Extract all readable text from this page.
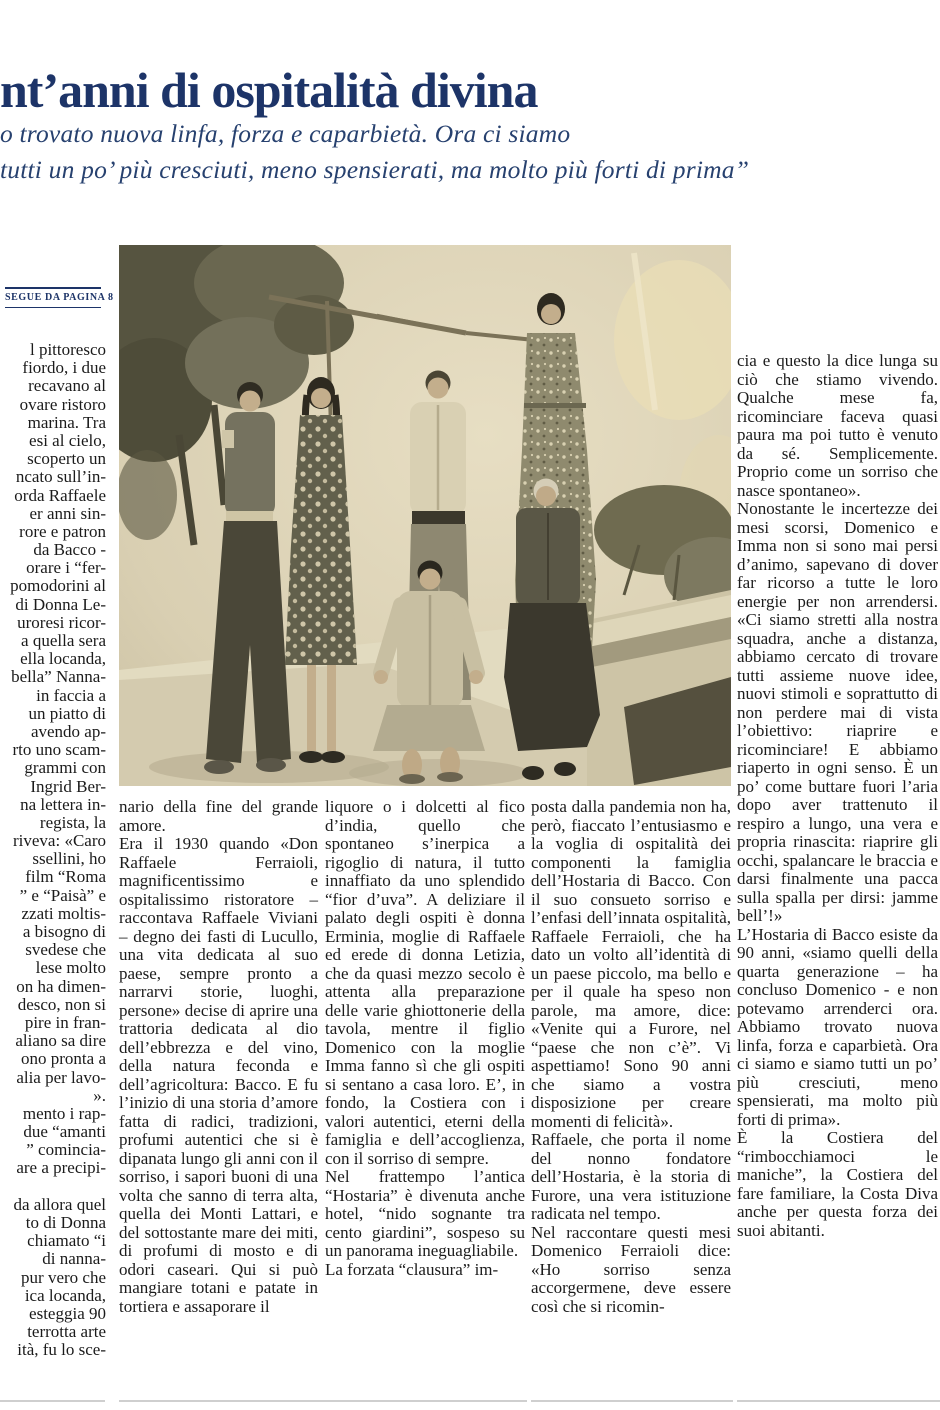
nt’anni di ospitalità divina
o trovato nuova linfa, forza e caparbietà. Ora ci siamo
tutti un po’ più cresciuti, meno spensierati, ma molto più forti di prima”
SEGUE DA PAGINA 8
l pittoresco
fiordo, i due
recavano al
ovare ristoro
marina. Tra
esi al cielo,
scoperto un
ncato sull’in-
orda Raffaele
er anni sin-
rore e patron
da Bacco -
orare i “fer-
pomodorini al
di Donna Le-
uroresi ricor-
a quella sera
ella locanda,
bella” Nanna-
in faccia a
un piatto di
avendo ap-
rto uno scam-
grammi con
Ingrid Ber-
na lettera in-
regista, la
riveva: «Caro
ssellini, ho
film “Roma
” e “Paisà” e
zzati moltis-
a bisogno di
svedese che
lese molto
on ha dimen-
desco, non si
pire in fran-
aliano sa dire
ono pronta a
alia per lavo-
».
mento i rap-
due “amanti
” comincia-
are a precipi-
da allora quel
to di Donna
chiamato “i
di nanna-
pur vero che
ica locanda,
esteggia 90
terrotta arte
ità, fu lo sce-
nario della fine del grande amore.
Era il 1930 quando «Don Raffaele Ferraioli, magnificentissimo e ospitalissimo ristoratore – raccontava Raffaele Viviani – degno dei fasti di Lucullo, una vita dedicata al suo paese, sempre pronto a narrarvi storie, luoghi, persone» decise di aprire una trattoria dedicata al dio dell’ebbrezza e del vino, della natura feconda e dell’agricoltura: Bacco. E fu l’inizio di una storia d’amore fatta di radici, tradizioni, profumi autentici che si è dipanata lungo gli anni con il sorriso, i sapori buoni di una volta che sanno di terra alta, quella dei Monti Lattari, e del sottostante mare dei miti, di profumi di mosto e di odori caseari. Qui si può mangiare totani e patate in tortiera e assaporare il
liquore o i dolcetti al fico d’india, quello che spontaneo s’inerpica a rigoglio di natura, il tutto innaffiato da uno splendido “fior d’uva”. A deliziare il palato degli ospiti è donna Erminia, moglie di Raffaele ed erede di donna Letizia, che da quasi mezzo secolo è attenta alla preparazione delle varie ghiottonerie della tavola, mentre il figlio Domenico con la moglie Imma fanno sì che gli ospiti si sentano a casa loro. E’, in fondo, la Costiera con i valori autentici, eterni della famiglia e dell’accoglienza, con il sorriso di sempre.
Nel frattempo l’antica “Hostaria” è divenuta anche hotel, “nido sognante tra cento giardini”, sospeso su un panorama ineguagliabile.
La forzata “clausura” im-
posta dalla pandemia non ha, però, fiaccato l’entusiasmo e la voglia di ospitalità dei componenti la famiglia dell’Hostaria di Bacco. Con il suo consueto sorriso e l’enfasi dell’innata ospitalità, Raffaele Ferraioli, che ha dato un volto all’identità di un paese piccolo, ma bello e per il quale ha speso non parole, ma amore, dice: «Venite qui a Furore, nel “paese che non c’è”. Vi aspettiamo! Sono 90 anni che siamo a vostra disposizione per creare momenti di felicità».
Raffaele, che porta il nome del nonno fondatore dell’Hostaria, è la storia di Furore, una vera istituzione radicata nel tempo.
Nel raccontare questi mesi Domenico Ferraioli dice: «Ho sorriso senza accorgermene, deve essere così che si ricomin-
cia e questo la dice lunga su ciò che stiamo vivendo. Qualche mese fa, ricominciare faceva quasi paura ma poi tutto è venuto da sé. Semplicemente. Proprio come un sorriso che nasce spontaneo».
Nonostante le incertezze dei mesi scorsi, Domenico e Imma non si sono mai persi d’animo, sapevano di dover far ricorso a tutte le loro energie per non arrendersi. «Ci siamo stretti alla nostra squadra, anche a distanza, abbiamo cercato di trovare tutti assieme nuove idee, nuovi stimoli e soprattutto di non perdere mai di vista l’obiettivo: riaprire e ricominciare! E abbiamo riaperto in ogni senso. È un po’ come buttare fuori l’aria dopo aver trattenuto il respiro a lungo, una vera e propria rinascita: riaprire gli occhi, spalancare le braccia e darsi finalmente una pacca sulla spalla per dirsi: jamme bell’!»
L’Hostaria di Bacco esiste da 90 anni, «siamo quelli della quarta generazione – ha concluso Domenico - e non potevamo arrenderci ora. Abbiamo trovato nuova linfa, forza e caparbietà. Ora ci siamo e siamo tutti un po’ più cresciuti, meno spensierati, ma molto più forti di prima».
È la Costiera del “rimbocchiamoci le maniche”, la Costiera del fare familiare, la Costa Diva anche per questa forza dei suoi abitanti.
